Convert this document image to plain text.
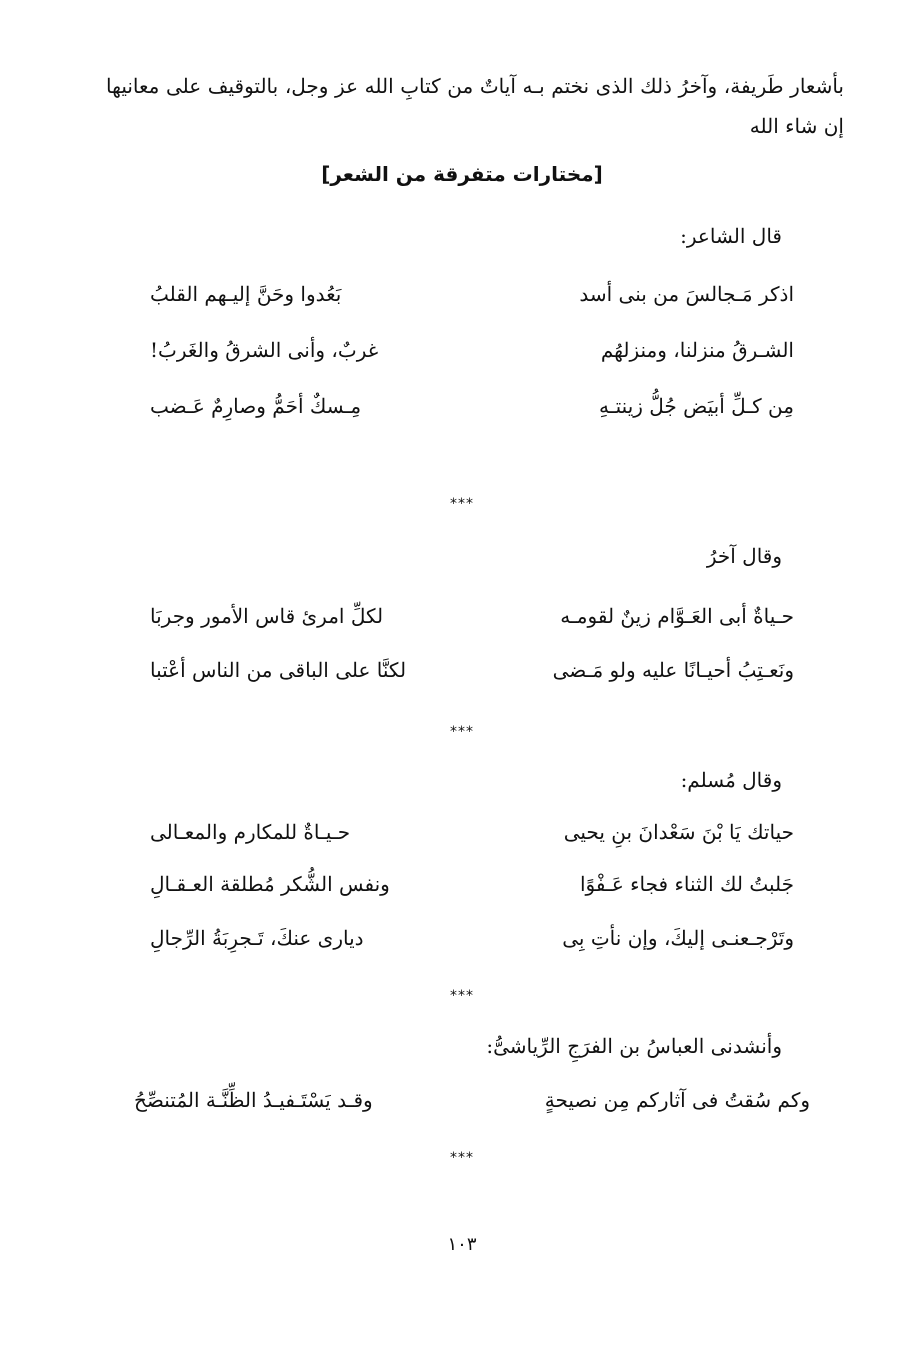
بأشعار طَريفة، وآخرُ ذلك الذى نختم بـه آياتٌ من كتابِ الله عز وجل، بالتوقيف على معانيها إن شاء الله
[مختارات متفرقة من الشعر]
قال الشاعر:
اذكر مَـجالسَ من بنى أسد
بَعُدوا وحَنَّ إليـهم القلبُ
الشـرقُ منزلنا، ومنزلهُم
غربٌ، وأنى الشرقُ والغَربُ!
مِن كـلِّ أبيَض جُلُّ زينتـهِ
مِـسكٌ أحَمُّ وصارِمٌ عَـضب
***
وقال آخرُ
حـياةٌ أبى العَـوَّام زينٌ لقومـه
لكلِّ امرئ قاس الأمور وجربَا
ونَعـتِبُ أحيـانًا عليه ولو مَـضى
لكنَّا على الباقى من الناس أعْتبا
***
وقال مُسلم:
حياتك يَا بْنَ سَعْدانَ بنِ يحيى
حـيـاةٌ للمكارم والمعـالى
جَلبتُ لك الثناء فجاء عَـفْوًا
ونفس الشُّكر مُطلقة العـقـالِ
وتَرْجـعنـى إليكَ، وإن نأتِ بِى
ديارى عنكَ، تَـجرِبَةُ الرِّجالِ
***
وأنشدنى العباسُ بن الفرَجِ الرِّياشىُّ:
وكم سُقتُ فى آثاركم مِن نصيحةٍ
وقـد يَسْتَـفيـدُ الظِّنَّـة المُتنصِّحُ
***
١٠٣
